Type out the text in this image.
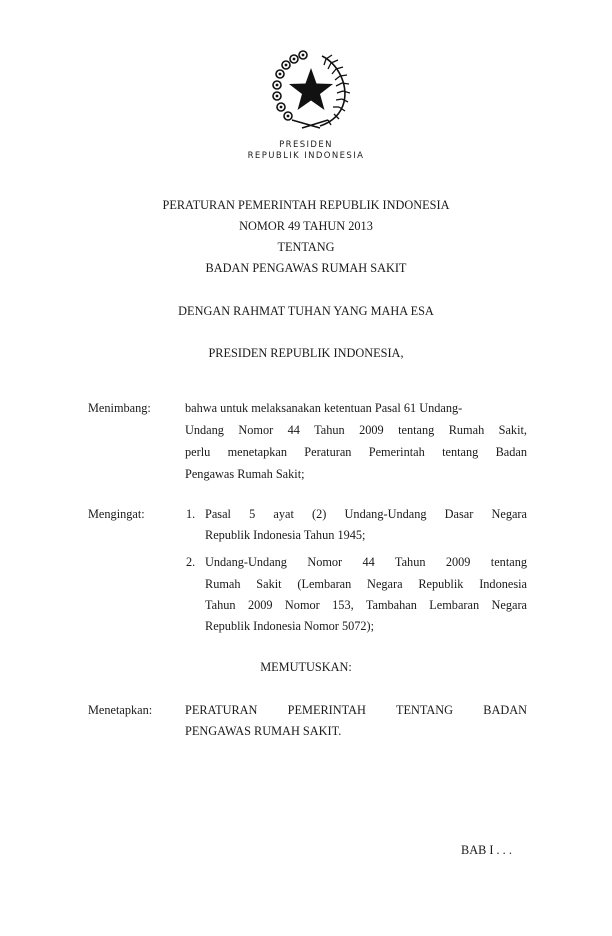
PRESIDEN
REPUBLIK INDONESIA
PERATURAN PEMERINTAH REPUBLIK INDONESIA
NOMOR 49 TAHUN 2013
TENTANG
BADAN PENGAWAS RUMAH SAKIT
DENGAN RAHMAT TUHAN YANG MAHA ESA
PRESIDEN REPUBLIK INDONESIA,
Menimbang:	bahwa untuk melaksanakan ketentuan Pasal 61 Undang-
Undang Nomor 44 Tahun 2009 tentang Rumah Sakit,
perlu menetapkan Peraturan Pemerintah tentang Badan
Pengawas Rumah Sakit;
Mengingat:	1. Pasal 5 ayat (2) Undang-Undang Dasar Negara
Republik Indonesia Tahun 1945;
2. Undang-Undang Nomor 44 Tahun 2009 tentang
Rumah Sakit (Lembaran Negara Republik Indonesia
Tahun 2009 Nomor 153, Tambahan Lembaran Negara
Republik Indonesia Nomor 5072);
MEMUTUSKAN:
Menetapkan:	PERATURAN PEMERINTAH TENTANG BADAN
PENGAWAS RUMAH SAKIT.
BAB I . . .
